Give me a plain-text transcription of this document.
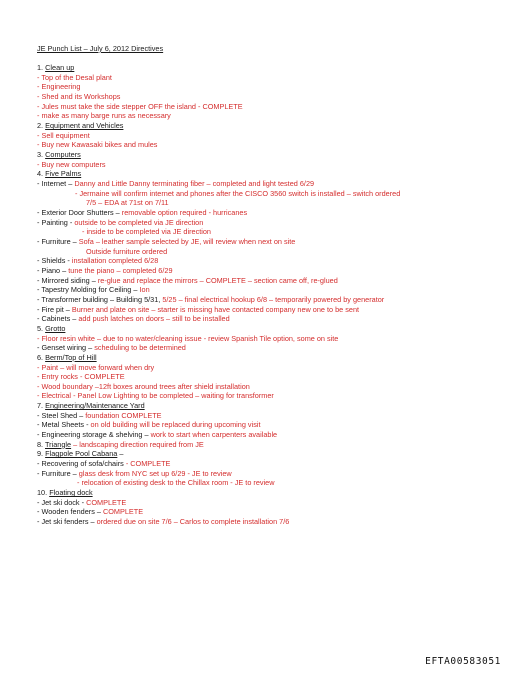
JE Punch List – July 6, 2012 Directives
1. Clean up
- Top of the Desal plant
- Engineering
- Shed and its Workshops
- Jules must take the side stepper OFF the island - COMPLETE
- make as many barge runs as necessary
2. Equipment and Vehicles
- Sell equipment
- Buy new Kawasaki bikes and mules
3. Computers
- Buy new computers
4. Five Palms
- Internet – Danny and Little Danny terminating fiber – completed and light tested 6/29
- Jermaine will confirm internet and phones after the CISCO 3560 switch is installed – switch ordered
7/5 – EDA at 71st on 7/11
- Exterior Door Shutters – removable option required - hurricanes
- Painting - outside to be completed via JE direction
- inside to be completed via JE direction
- Furniture – Sofa – leather sample selected by JE, will review when next on site
Outside furniture ordered
- Shields - installation completed 6/28
- Piano – tune the piano – completed 6/29
- Mirrored siding – re-glue and replace the mirrors – COMPLETE – section came off, re-glued
- Tapestry Molding for Ceiling – Ion
- Transformer building – Building 5/31, 5/25 – final electrical hookup 6/8 – temporarily powered by generator
- Fire pit – Burner and plate on site – starter is missing have contacted company new one to be sent
- Cabinets – add push latches on doors – still to be installed
5. Grotto
- Floor resin white – due to no water/cleaning issue - review Spanish Tile option, some on site
- Genset wiring – scheduling to be determined
6. Berm/Top of Hill
- Paint – will move forward when dry
- Entry rocks - COMPLETE
- Wood boundary –12ft boxes around trees after shield installation
- Electrical - Panel Low Lighting to be completed – waiting for transformer
7. Engineering/Maintenance Yard
- Steel Shed – foundation COMPLETE
- Metal Sheets - on old building will be replaced during upcoming visit
- Engineering storage & shelving – work to start when carpenters available
8. Triangle – landscaping direction required from JE
9. Flagpole Pool Cabana –
- Recovering of sofa/chairs - COMPLETE
- Furniture – glass desk from NYC set up 6/29 - JE to review
- relocation of existing desk to the Chillax room - JE to review
10. Floating dock
- Jet ski dock - COMPLETE
- Wooden fenders – COMPLETE
- Jet ski fenders – ordered due on site 7/6 – Carlos to complete installation 7/6
EFTA00583051
